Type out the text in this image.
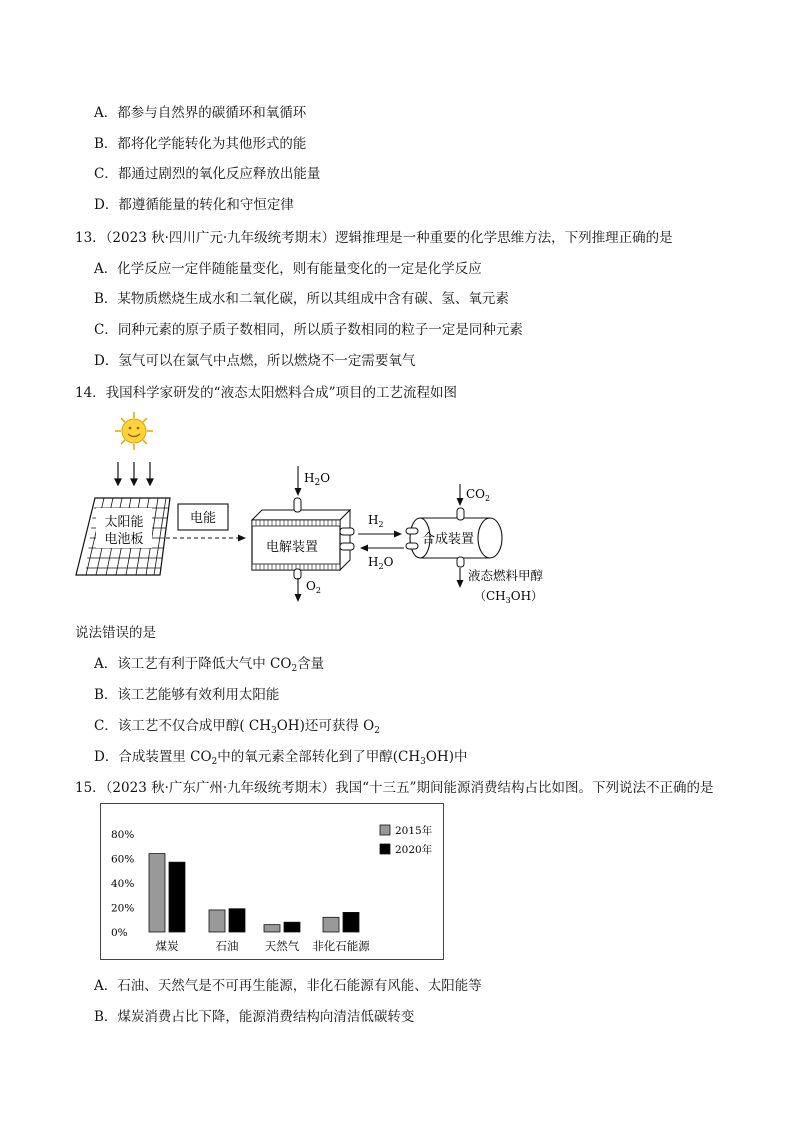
A．都参与自然界的碳循环和氧循环
B．都将化学能转化为其他形式的能
C．都通过剧烈的氧化反应释放出能量
D．都遵循能量的转化和守恒定律
13．（2023 秋·四川广元·九年级统考期末）逻辑推理是一种重要的化学思维方法，下列推理正确的是
A．化学反应一定伴随能量变化，则有能量变化的一定是化学反应
B．某物质燃烧生成水和二氧化碳，所以其组成中含有碳、氢、氧元素
C．同种元素的原子质子数相同，所以质子数相同的粒子一定是同种元素
D．氢气可以在氯气中点燃，所以燃烧不一定需要氧气
14．我国科学家研发的“液态太阳燃料合成”项目的工艺流程如图
太阳能
电池板
电能
电解装置
$H_2O$
$O_2$
$H_2$
$H_2O$
合成装置
$CO_2$
液态燃料甲醇
$(CH_3OH)$
说法错误的是
A．该工艺有利于降低大气中 $CO_2$含量
B．该工艺能够有效利用太阳能
C．该工艺不仅合成甲醇( $CH_3OH$)还可获得 $O_2$
D．合成装置里 $CO_2$中的氧元素全部转化到了甲醇$(CH_3OH)$中
15．（2023 秋·广东广州·九年级统考期末）我国“十三五”期间能源消费结构占比如图。下列说法不正确的是
80%
60%
40%
20%
0%
煤炭	石油 天然气 非化石能源
2015年
2020年
A．石油、天然气是不可再生能源，非化石能源有风能、太阳能等
B．煤炭消费占比下降，能源消费结构向清洁低碳转变
